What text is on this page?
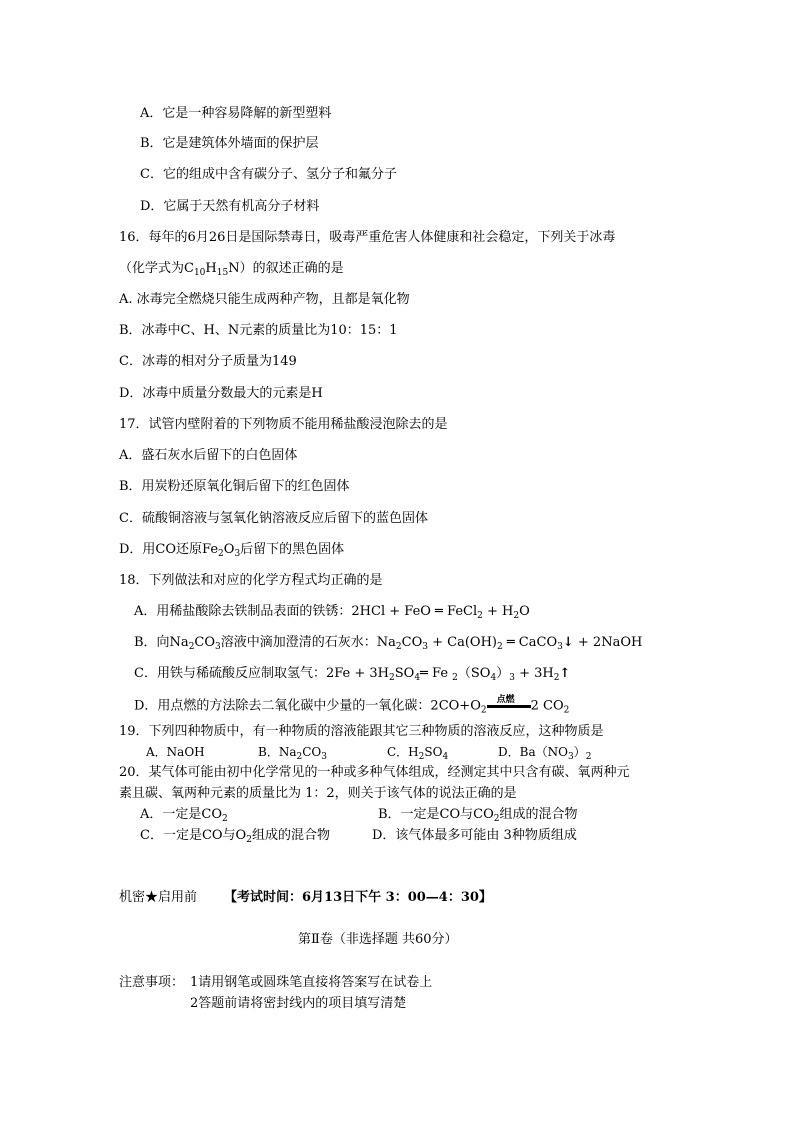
A．它是一种容易降解的新型塑料
B．它是建筑体外墙面的保护层
C．它的组成中含有碳分子、氢分子和氟分子
D．它属于天然有机高分子材料
16．每年的6月26日是国际禁毒日，吸毒严重危害人体健康和社会稳定，下列关于冰毒
（化学式为$C_{10}H_{15}N$）的叙述正确的是
A. 冰毒完全燃烧只能生成两种产物，且都是氧化物
B．冰毒中C、H、N元素的质量比为10：15：1
C．冰毒的相对分子质量为149
D．冰毒中质量分数最大的元素是H
17．试管内壁附着的下列物质不能用稀盐酸浸泡除去的是
A．盛石灰水后留下的白色固体
B．用炭粉还原氧化铜后留下的红色固体
C．硫酸铜溶液与氢氧化钠溶液反应后留下的蓝色固体
D．用CO还原$Fe_2O_3$后留下的黑色固体
18．下列做法和对应的化学方程式均正确的是
A．用稀盐酸除去铁制品表面的铁锈：2HCl + FeO ═ FeCl$_2$ + $H_2O$
B．向$Na_2CO_3$溶液中滴加澄清的石灰水：$Na_2CO_3 + Ca(OH)_2$ ═ CaCO$_3$↓ + 2NaOH
C．用铁与稀硫酸反应制取氢气：$2Fe + 3H_2SO_4═$ Fe $_2(SO_4)_3$ + $3H_2↑$
D．用点燃的方法除去二氧化碳中少量的一氧化碳：$2CO+O_2$
点燃 2 $CO_2$
19．下列四种物质中，有一种物质的溶液能跟其它三种物质的溶液反应，这种物质是
A．NaOH	B．$Na_2CO_3$	C．$H_2SO_4$	D．$Ba(NO_3)_2$
20．某气体可能由初中化学常见的一种或多种气体组成，经测定其中只含有碳、氧两种元
素且碳、氧两种元素的质量比为 1：2，则关于该气体的说法正确的是
A．一定是$CO_2$	B．一定是CO与$CO_2$组成的混合物
C．一定是CO与$O_2$组成的混合物	D．该气体最多可能由 3种物质组成
机密★启用前 【考试时间：6月13日下午 3：00—4：30】
第Ⅱ卷（非选择题 共60分）
注意事项： 1请用钢笔或圆珠笔直接将答案写在试卷上
2答题前请将密封线内的项目填写清楚
